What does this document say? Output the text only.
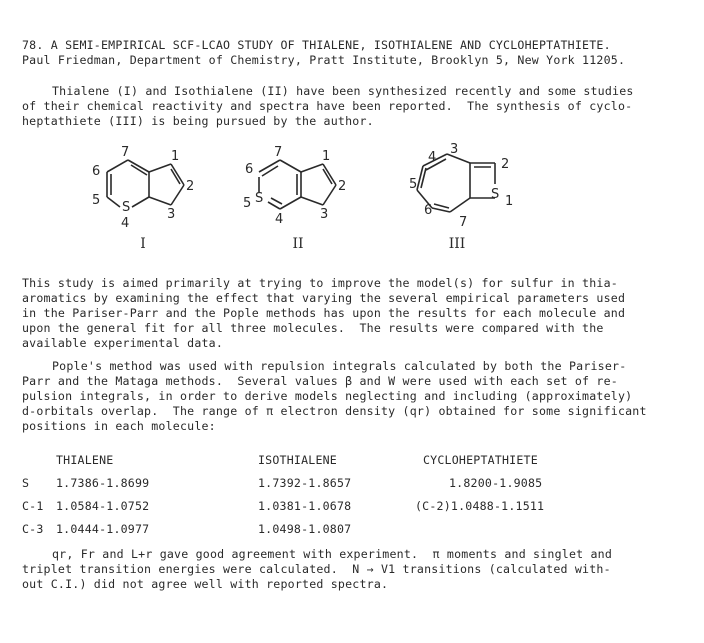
78. A SEMI-EMPIRICAL SCF-LCAO STUDY OF THIALENE, ISOTHIALENE AND CYCLOHEPTATHIETE.
Paul Friedman, Department of Chemistry, Pratt Institute, Brooklyn 5, New York 11205.
Thialene (I) and Isothialene (II) have been synthesized recently and some studies
of their chemical reactivity and spectra have been reported.  The synthesis of cyclo-
heptathiete (III) is being pursued by the author.
7	1
2
3
4
S
5
6
I
7	1
2
3
4
S
5
6
II
3
4	2
5
S 1
6
7
III
This study is aimed primarily at trying to improve the model(s) for sulfur in thia-
aromatics by examining the effect that varying the several empirical parameters used
in the Pariser-Parr and the Pople methods has upon the results for each molecule and
upon the general fit for all three molecules.  The results were compared with the
available experimental data.
Pople's method was used with repulsion integrals calculated by both the Pariser-
Parr and the Mataga methods.  Several values β and W were used with each set of re-
pulsion integrals, in order to derive models neglecting and including (approximately)
d-orbitals overlap.  The range of π electron density (qr) obtained for some significant
positions in each molecule:
	THIALENE	ISOTHIALENE	CYCLOHEPTATHIETE
S	1.7386-1.8699	1.7392-1.8657	1.8200-1.9085
C-1	1.0584-1.0752	1.0381-1.0678	(C-2)1.0488-1.1511
C-3	1.0444-1.0977	1.0498-1.0807	
qr, Fr and L+r gave good agreement with experiment.  π moments and singlet and
triplet transition energies were calculated.  N → V1 transitions (calculated with-
out C.I.) did not agree well with reported spectra.
